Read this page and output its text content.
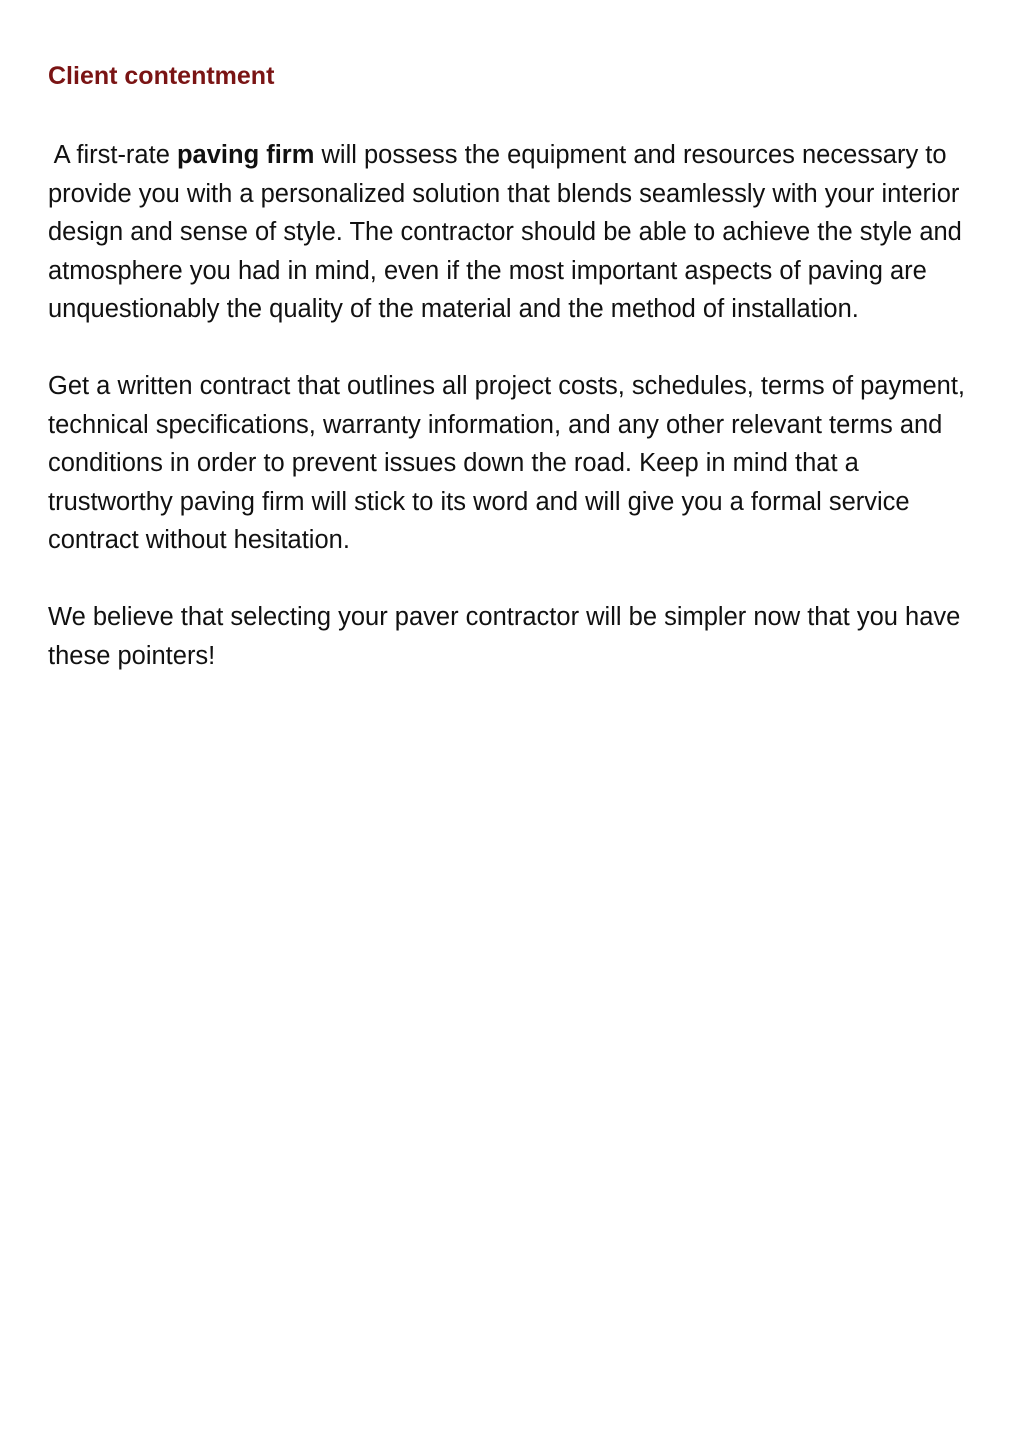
Client contentment

A first-rate paving firm will possess the equipment and resources necessary to provide you with a personalized solution that blends seamlessly with your interior design and sense of style. The contractor should be able to achieve the style and atmosphere you had in mind, even if the most important aspects of paving are unquestionably the quality of the material and the method of installation.

Get a written contract that outlines all project costs, schedules, terms of payment, technical specifications, warranty information, and any other relevant terms and conditions in order to prevent issues down the road. Keep in mind that a trustworthy paving firm will stick to its word and will give you a formal service contract without hesitation.

We believe that selecting your paver contractor will be simpler now that you have these pointers!
